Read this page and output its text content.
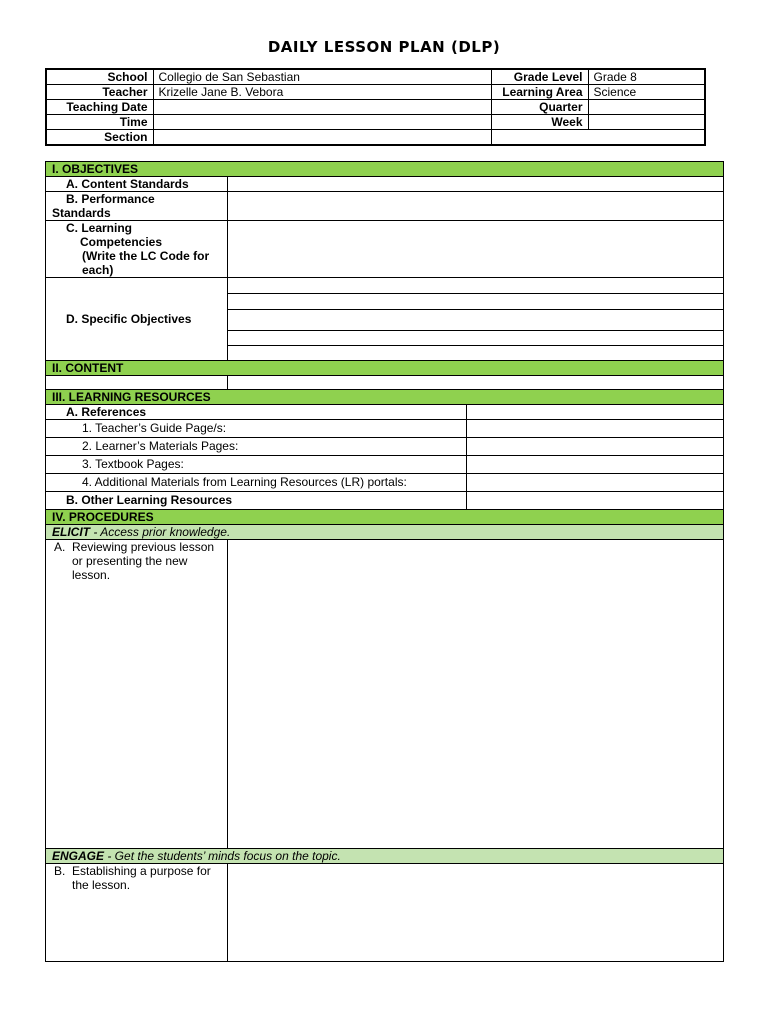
DAILY LESSON PLAN (DLP)
School	Collegio de San Sebastian	Grade Level	Grade 8
Teacher	Krizelle Jane B. Vebora	Learning Area	Science
Teaching Date		Quarter	
Time		Week	
Section			
I. OBJECTIVES		
A. Content Standards		

B. Performance
Standards		

C. Learning
Competencies
(Write the LC Code for
each)		

D. Specific Objectives		

II. CONTENT		

III. LEARNING RESOURCES		
A. References		
1. Teacher’s Guide Page/s:		
2. Learner’s Materials Pages:		
3. Textbook Pages:		
4. Additional Materials from Learning Resources (LR) portals:		
B. Other Learning Resources		
IV. PROCEDURES		
ELICIT - Access prior knowledge.		

A. Reviewing previous lesson
or presenting the new
lesson.		

ENGAGE - Get the students’ minds focus on the topic.		

B. Establishing a purpose for
the lesson.		
